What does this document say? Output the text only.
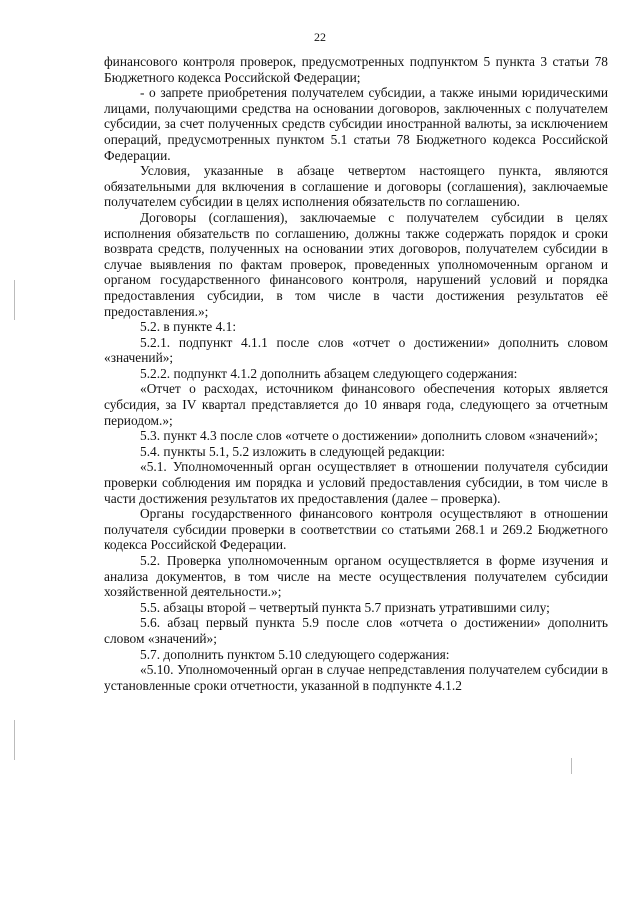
22

финансового контроля проверок, предусмотренных подпунктом 5 пункта 3 статьи 78 Бюджетного кодекса Российской Федерации;

- о запрете приобретения получателем субсидии, а также иными юридическими лицами, получающими средства на основании договоров, заключенных с получателем субсидии, за счет полученных средств субсидии иностранной валюты, за исключением операций, предусмотренных пунктом 5.1 статьи 78 Бюджетного кодекса Российской Федерации.

Условия, указанные в абзаце четвертом настоящего пункта, являются обязательными для включения в соглашение и договоры (соглашения), заключаемые получателем субсидии в целях исполнения обязательств по соглашению.

Договоры (соглашения), заключаемые с получателем субсидии в целях исполнения обязательств по соглашению, должны также содержать порядок и сроки возврата средств, полученных на основании этих договоров, получателем субсидии в случае выявления по фактам проверок, проведенных уполномоченным органом и органом государственного финансового контроля, нарушений условий и порядка предоставления субсидии, в том числе в части достижения результатов её предоставления.»;

5.2. в пункте 4.1:

5.2.1. подпункт 4.1.1 после слов «отчет о достижении» дополнить словом «значений»;

5.2.2. подпункт 4.1.2 дополнить абзацем следующего содержания:

«Отчет о расходах, источником финансового обеспечения которых является субсидия, за IV квартал представляется до 10 января года, следующего за отчетным периодом.»;

5.3. пункт 4.3 после слов «отчете о достижении» дополнить словом «значений»;

5.4. пункты 5.1, 5.2 изложить в следующей редакции:

«5.1. Уполномоченный орган осуществляет в отношении получателя субсидии проверки соблюдения им порядка и условий предоставления субсидии, в том числе в части достижения результатов их предоставления (далее – проверка).

Органы государственного финансового контроля осуществляют в отношении получателя субсидии проверки в соответствии со статьями 268.1 и 269.2 Бюджетного кодекса Российской Федерации.

5.2. Проверка уполномоченным органом осуществляется в форме изучения и анализа документов, в том числе на месте осуществления получателем субсидии хозяйственной деятельности.»;

5.5. абзацы второй – четвертый пункта 5.7 признать утратившими силу;

5.6. абзац первый пункта 5.9 после слов «отчета о достижении» дополнить словом «значений»;

5.7. дополнить пунктом 5.10 следующего содержания:

«5.10. Уполномоченный орган в случае непредставления получателем субсидии в установленные сроки отчетности, указанной в подпункте 4.1.2
